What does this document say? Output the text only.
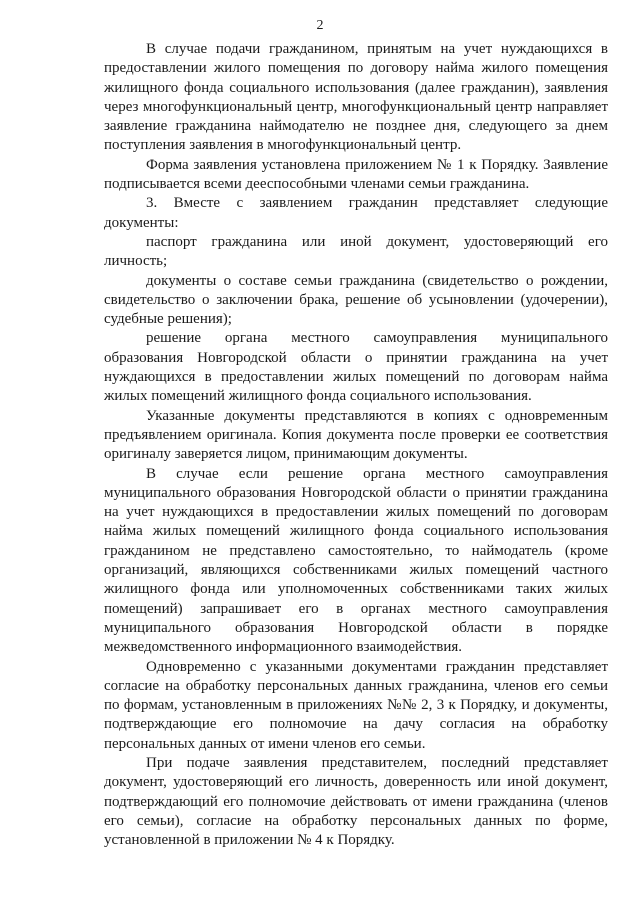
2

В случае подачи гражданином, принятым на учет нуждающихся в предоставлении жилого помещения по договору найма жилого помещения жилищного фонда социального использования (далее гражданин), заявления через многофункциональный центр, многофункциональный центр направляет заявление гражданина наймодателю не позднее дня, следующего за днем поступления заявления в многофункциональный центр.

Форма заявления установлена приложением № 1 к Порядку. Заявление подписывается всеми дееспособными членами семьи гражданина.

3. Вместе с заявлением гражданин представляет следующие документы:

паспорт гражданина или иной документ, удостоверяющий его личность;

документы о составе семьи гражданина (свидетельство о рождении, свидетельство о заключении брака, решение об усыновлении (удочерении), судебные решения);

решение органа местного самоуправления муниципального образования Новгородской области о принятии гражданина на учет нуждающихся в предоставлении жилых помещений по договорам найма жилых помещений жилищного фонда социального использования.

Указанные документы представляются в копиях с одновременным предъявлением оригинала. Копия документа после проверки ее соответствия оригиналу заверяется лицом, принимающим документы.

В случае если решение органа местного самоуправления муниципального образования Новгородской области о принятии гражданина на учет нуждающихся в предоставлении жилых помещений по договорам найма жилых помещений жилищного фонда социального использования гражданином не представлено самостоятельно, то наймодатель (кроме организаций, являющихся собственниками жилых помещений частного жилищного фонда или уполномоченных собственниками таких жилых помещений) запрашивает его в органах местного самоуправления муниципального образования Новгородской области в порядке межведомственного информационного взаимодействия.

Одновременно с указанными документами гражданин представляет согласие на обработку персональных данных гражданина, членов его семьи по формам, установленным в приложениях №№ 2, 3 к Порядку, и документы, подтверждающие его полномочие на дачу согласия на обработку персональных данных от имени членов его семьи.

При подаче заявления представителем, последний представляет документ, удостоверяющий его личность, доверенность или иной документ, подтверждающий его полномочие действовать от имени гражданина (членов его семьи), согласие на обработку персональных данных по форме, установленной в приложении № 4 к Порядку.
